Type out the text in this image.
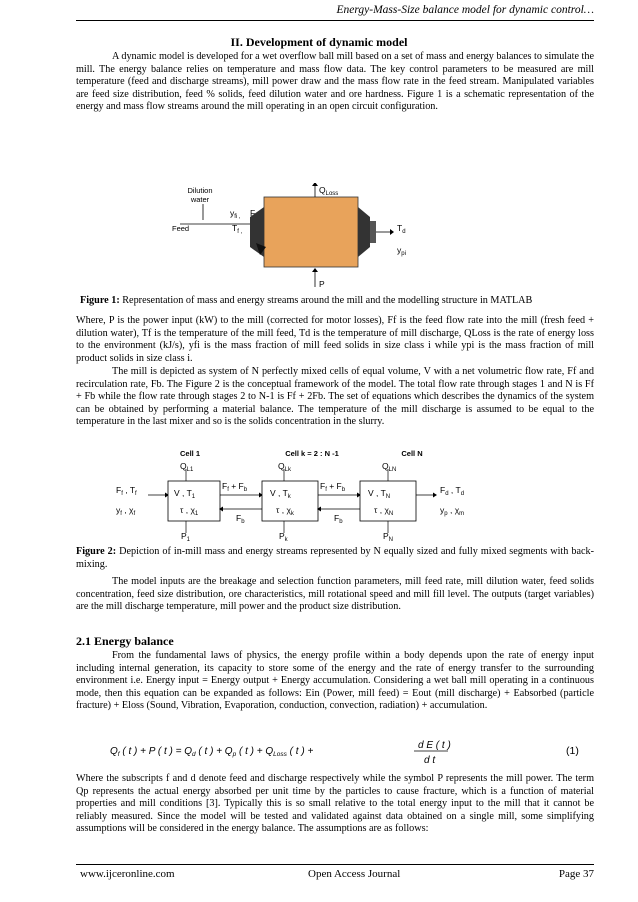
Energy-Mass-Size balance model for dynamic control…
II. Development of dynamic model

A dynamic model is developed for a wet overflow ball mill based on a set of mass and energy balances to simulate the mill. The energy balance relies on temperature and mass flow data. The key control parameters to be measured are mill temperature (feed and discharge streams), mill power draw and the mass flow rate in the feed stream. Manipulated variables are feed size distribution, feed % solids, feed dilution water and ore hardness. Figure 1 is a schematic representation of the energy and mass flow streams around the mill operating in an open circuit configuration.

Dilution
water
Feed
$y_{fi ,}$ F
$T_{f ,}$
$Q_{Loss}$
$T_d$
$y_{pi}$
P
Figure 1: Representation of mass and energy streams around the mill and the modelling structure in MATLAB

Where, P is the power input (kW) to the mill (corrected for motor losses), Ff is the feed flow rate into the mill (fresh feed + dilution water), Tf is the temperature of the mill feed, Td is the temperature of mill discharge, QLoss is the rate of energy loss to the environment (kJ/s), yfi is the mass fraction of mill feed solids in size class i while ypi is the mass fraction of mill product solids in size class i.

The mill is depicted as system of N perfectly mixed cells of equal volume, V with a net volumetric flow rate, Ff and recirculation rate, Fb. The Figure 2 is the conceptual framework of the model. The total flow rate through stages 1 and N is Ff + Fb while the flow rate through stages 2 to N-1 is Ff + 2Fb. The set of equations which describes the dynamics of the system can be obtained by performing a material balance. The temperature of the mill discharge is assumed to be equal to the temperature in the last mixer and so is the solids concentration in the slurry.

Cell 1	Cell k = 2 : N -1	Cell N
$F_f$ , $T_f$
$y_f$ , $\chi_f$
V , $T_1$
τ , $\chi_1$
$Q_{L1}$
$P_1$
$F_f + F_b$
$F_b$
V , $T_k$
τ , $\chi_k$
$Q_{Lk}$
$P_k$
$F_f + F_b$
$F_b$
V , $T_N$
τ , $\chi_N$
$Q_{LN}$
$P_N$
$F_d$ , $T_d$
$y_p$ , $\chi_m$
Figure 2: Depiction of in-mill mass and energy streams represented by N equally sized and fully mixed segments with back-mixing.

The model inputs are the breakage and selection function parameters, mill feed rate, mill dilution water, feed solids concentration, feed size distribution, ore characteristics, mill rotational speed and mill fill level. The outputs (target variables) are the mill discharge temperature, mill power and the product size distribution.

2.1 Energy balance

From the fundamental laws of physics, the energy profile within a body depends upon the rate of energy input including internal generation, its capacity to store some of the energy and the rate of energy transfer to the surrounding environment i.e. Energy input = Energy output + Energy accumulation. Considering a wet ball mill operating in a continuous mode, then this equation can be expanded as follows: Ein (Power, mill feed) = Eout (mill discharge) + Eabsorbed (particle fracture) + Eloss (Sound, Vibration, Evaporation, conduction, convection, radiation) + accumulation.

$Q_f$ ( t ) + P ( t ) = $Q_d$ ( t ) + $Q_p$ ( t ) + $Q_{Loss}$ ( t ) +
d E ( t )
d t
(1)

Where the subscripts f and d denote feed and discharge respectively while the symbol P represents the mill power. The term Qp represents the actual energy absorbed per unit time by the particles to cause fracture, which is a function of material properties and mill conditions [3]. Typically this is so small relative to the total energy input to the mill that it cannot be reliably measured. Since the model will be tested and validated against data obtained on a single mill, some simplifying assumptions will be considered in the energy balance. The assumptions are as follows:

www.ijceronline.com	Open Access Journal	Page 37
